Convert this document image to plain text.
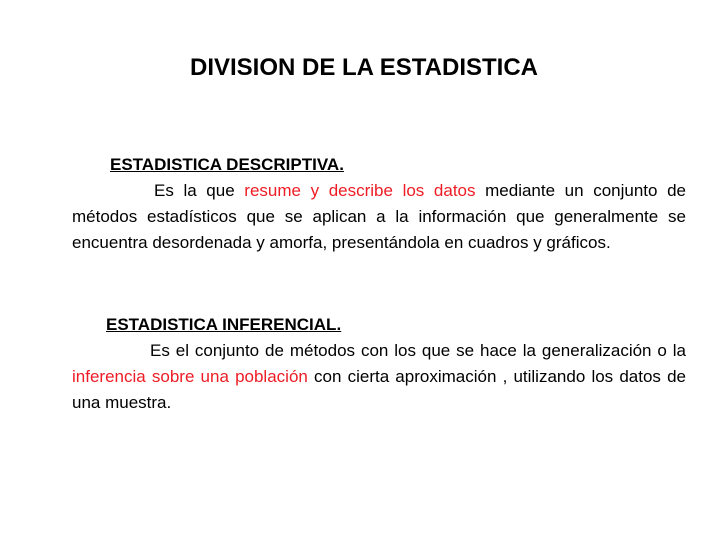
DIVISION DE LA ESTADISTICA
ESTADISTICA DESCRIPTIVA.
Es la que resume y describe los datos mediante un conjunto de métodos estadísticos que se aplican a la información que generalmente se encuentra desordenada y amorfa, presentándola en cuadros y gráficos.
ESTADISTICA INFERENCIAL.
Es el conjunto de métodos con los que se hace la generalización o la inferencia sobre una población con cierta aproximación , utilizando los datos de una muestra.
